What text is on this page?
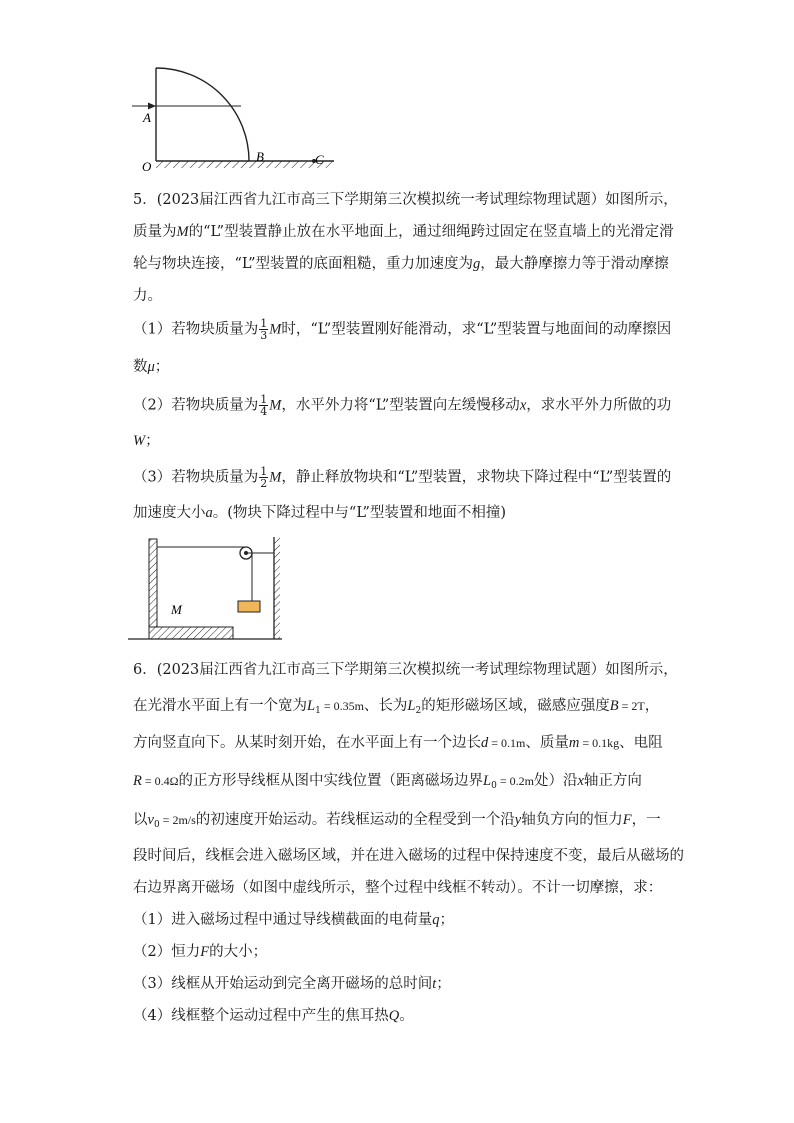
A
B	C
O
5．(2023届江西省九江市高三下学期第三次模拟统一考试理综物理试题）如图所示，
质量为M的“L”型装置静止放在水平地面上，通过细绳跨过固定在竖直墙上的光滑定滑
轮与物块连接，“L”型装置的底面粗糙，重力加速度为g，最大静摩擦力等于滑动摩擦
力。
（1）若物块质量为 $\frac{1}{3}$ M时，“L”型装置刚好能滑动，求“L”型装置与地面间的动摩擦因
数μ；
（2）若物块质量为 $\frac{1}{4}$ M，水平外力将“L”型装置向左缓慢移动x，求水平外力所做的功
W；
（3）若物块质量为 $\frac{1}{2}$ M，静止释放物块和“L”型装置，求物块下降过程中“L”型装置的
加速度大小a。(物块下降过程中与“L”型装置和地面不相撞)
M
6．(2023届江西省九江市高三下学期第三次模拟统一考试理综物理试题）如图所示，
在光滑水平面上有一个宽为$L_1 = 0.35m$、长为$L_2$的矩形磁场区域，磁感应强度B = 2T，
方向竖直向下。从某时刻开始，在水平面上有一个边长d = 0.1m、质量m = 0.1kg、电阻
R = 0.4Ω的正方形导线框从图中实线位置（距离磁场边界$L_0 = 0.2m$处）沿x轴正方向
以$v_0 = 2m/s$的初速度开始运动。若线框运动的全程受到一个沿y轴负方向的恒力F，一
段时间后，线框会进入磁场区域，并在进入磁场的过程中保持速度不变，最后从磁场的
右边界离开磁场（如图中虚线所示，整个过程中线框不转动）。不计一切摩擦，求：
（1）进入磁场过程中通过导线横截面的电荷量q；
（2）恒力F的大小；
（3）线框从开始运动到完全离开磁场的总时间t；
（4）线框整个运动过程中产生的焦耳热Q。
